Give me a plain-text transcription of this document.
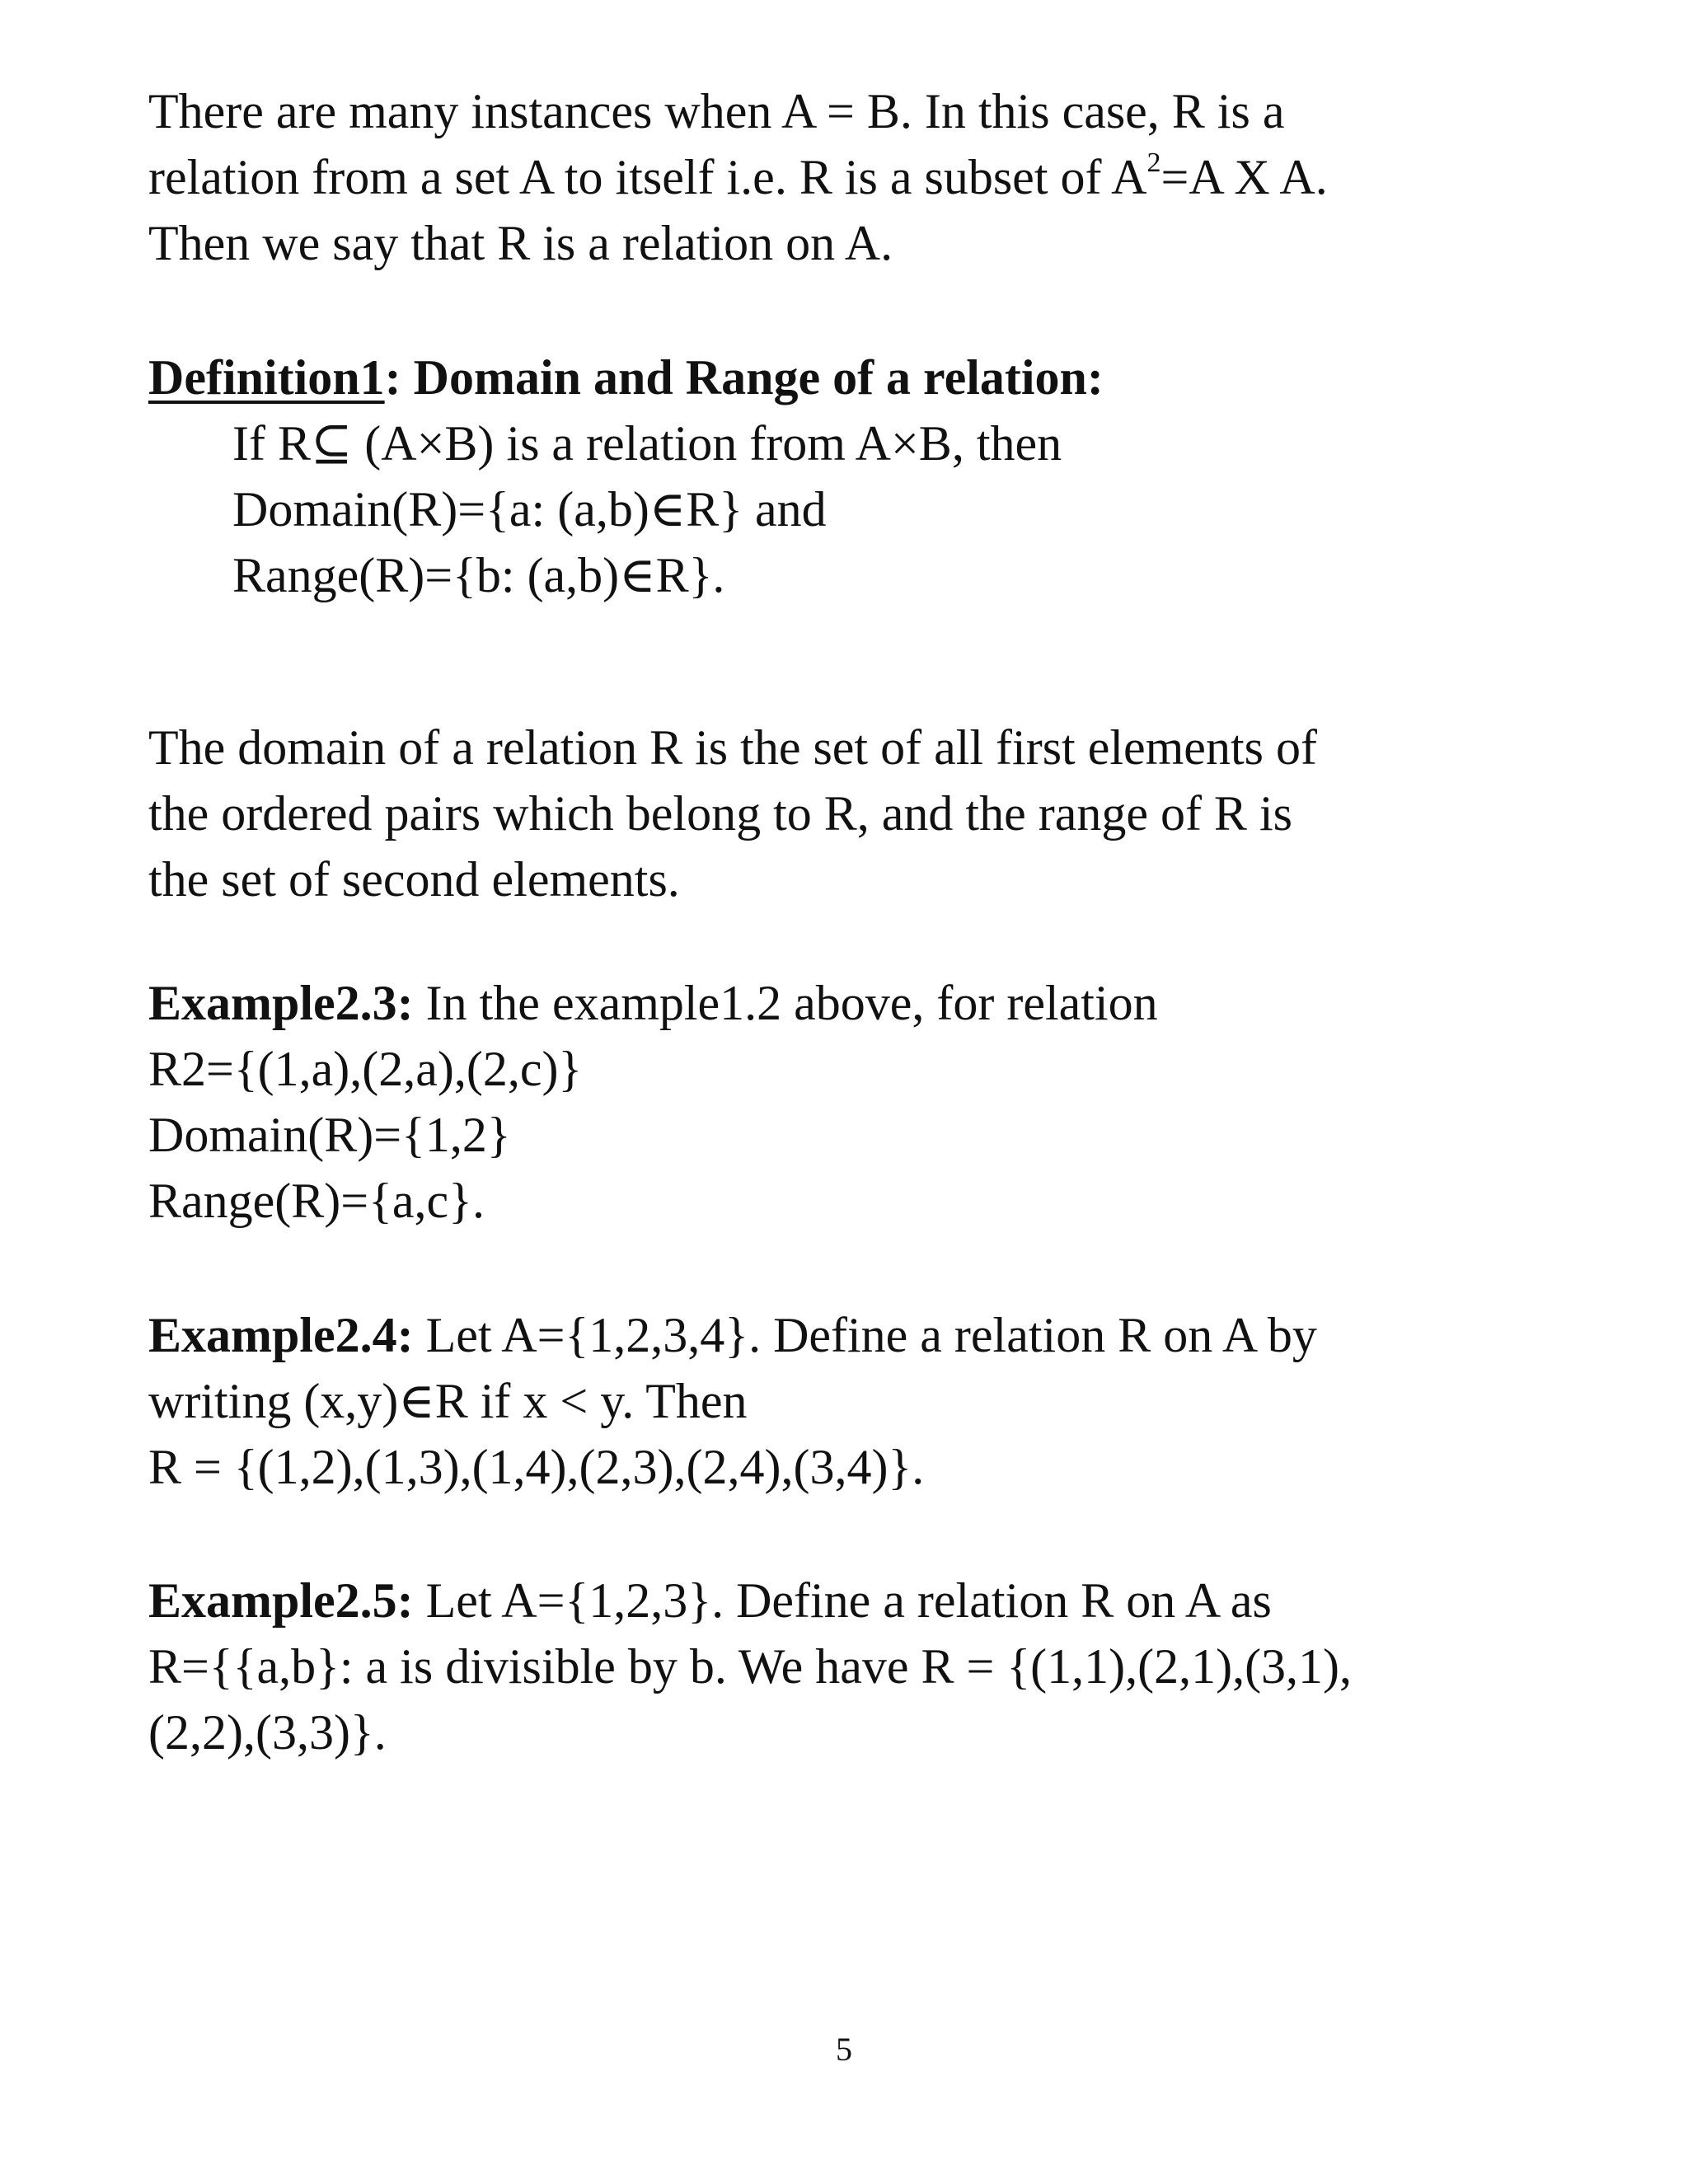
There are many instances when A = B. In this case, R is a
relation from a set A to itself i.e. R is a subset of $A^2=A$ X A.
Then we say that R is a relation on A.
Definition1: Domain and Range of a relation:
If R⊆ (A×B) is a relation from A×B, then
Domain(R)={a: (a,b)∈R} and
Range(R)={b: (a,b)∈R}.
The domain of a relation R is the set of all first elements of
the ordered pairs which belong to R, and the range of R is
the set of second elements.
Example2.3: In the example1.2 above, for relation
R2={(1,a),(2,a),(2,c)}
Domain(R)={1,2}
Range(R)={a,c}.
Example2.4: Let A={1,2,3,4}. Define a relation R on A by
writing (x,y)∈R if x < y. Then
R = {(1,2),(1,3),(1,4),(2,3),(2,4),(3,4)}.
Example2.5: Let A={1,2,3}. Define a relation R on A as
R={{a,b}: a is divisible by b. We have R = {(1,1),(2,1),(3,1),
(2,2),(3,3)}.
5
